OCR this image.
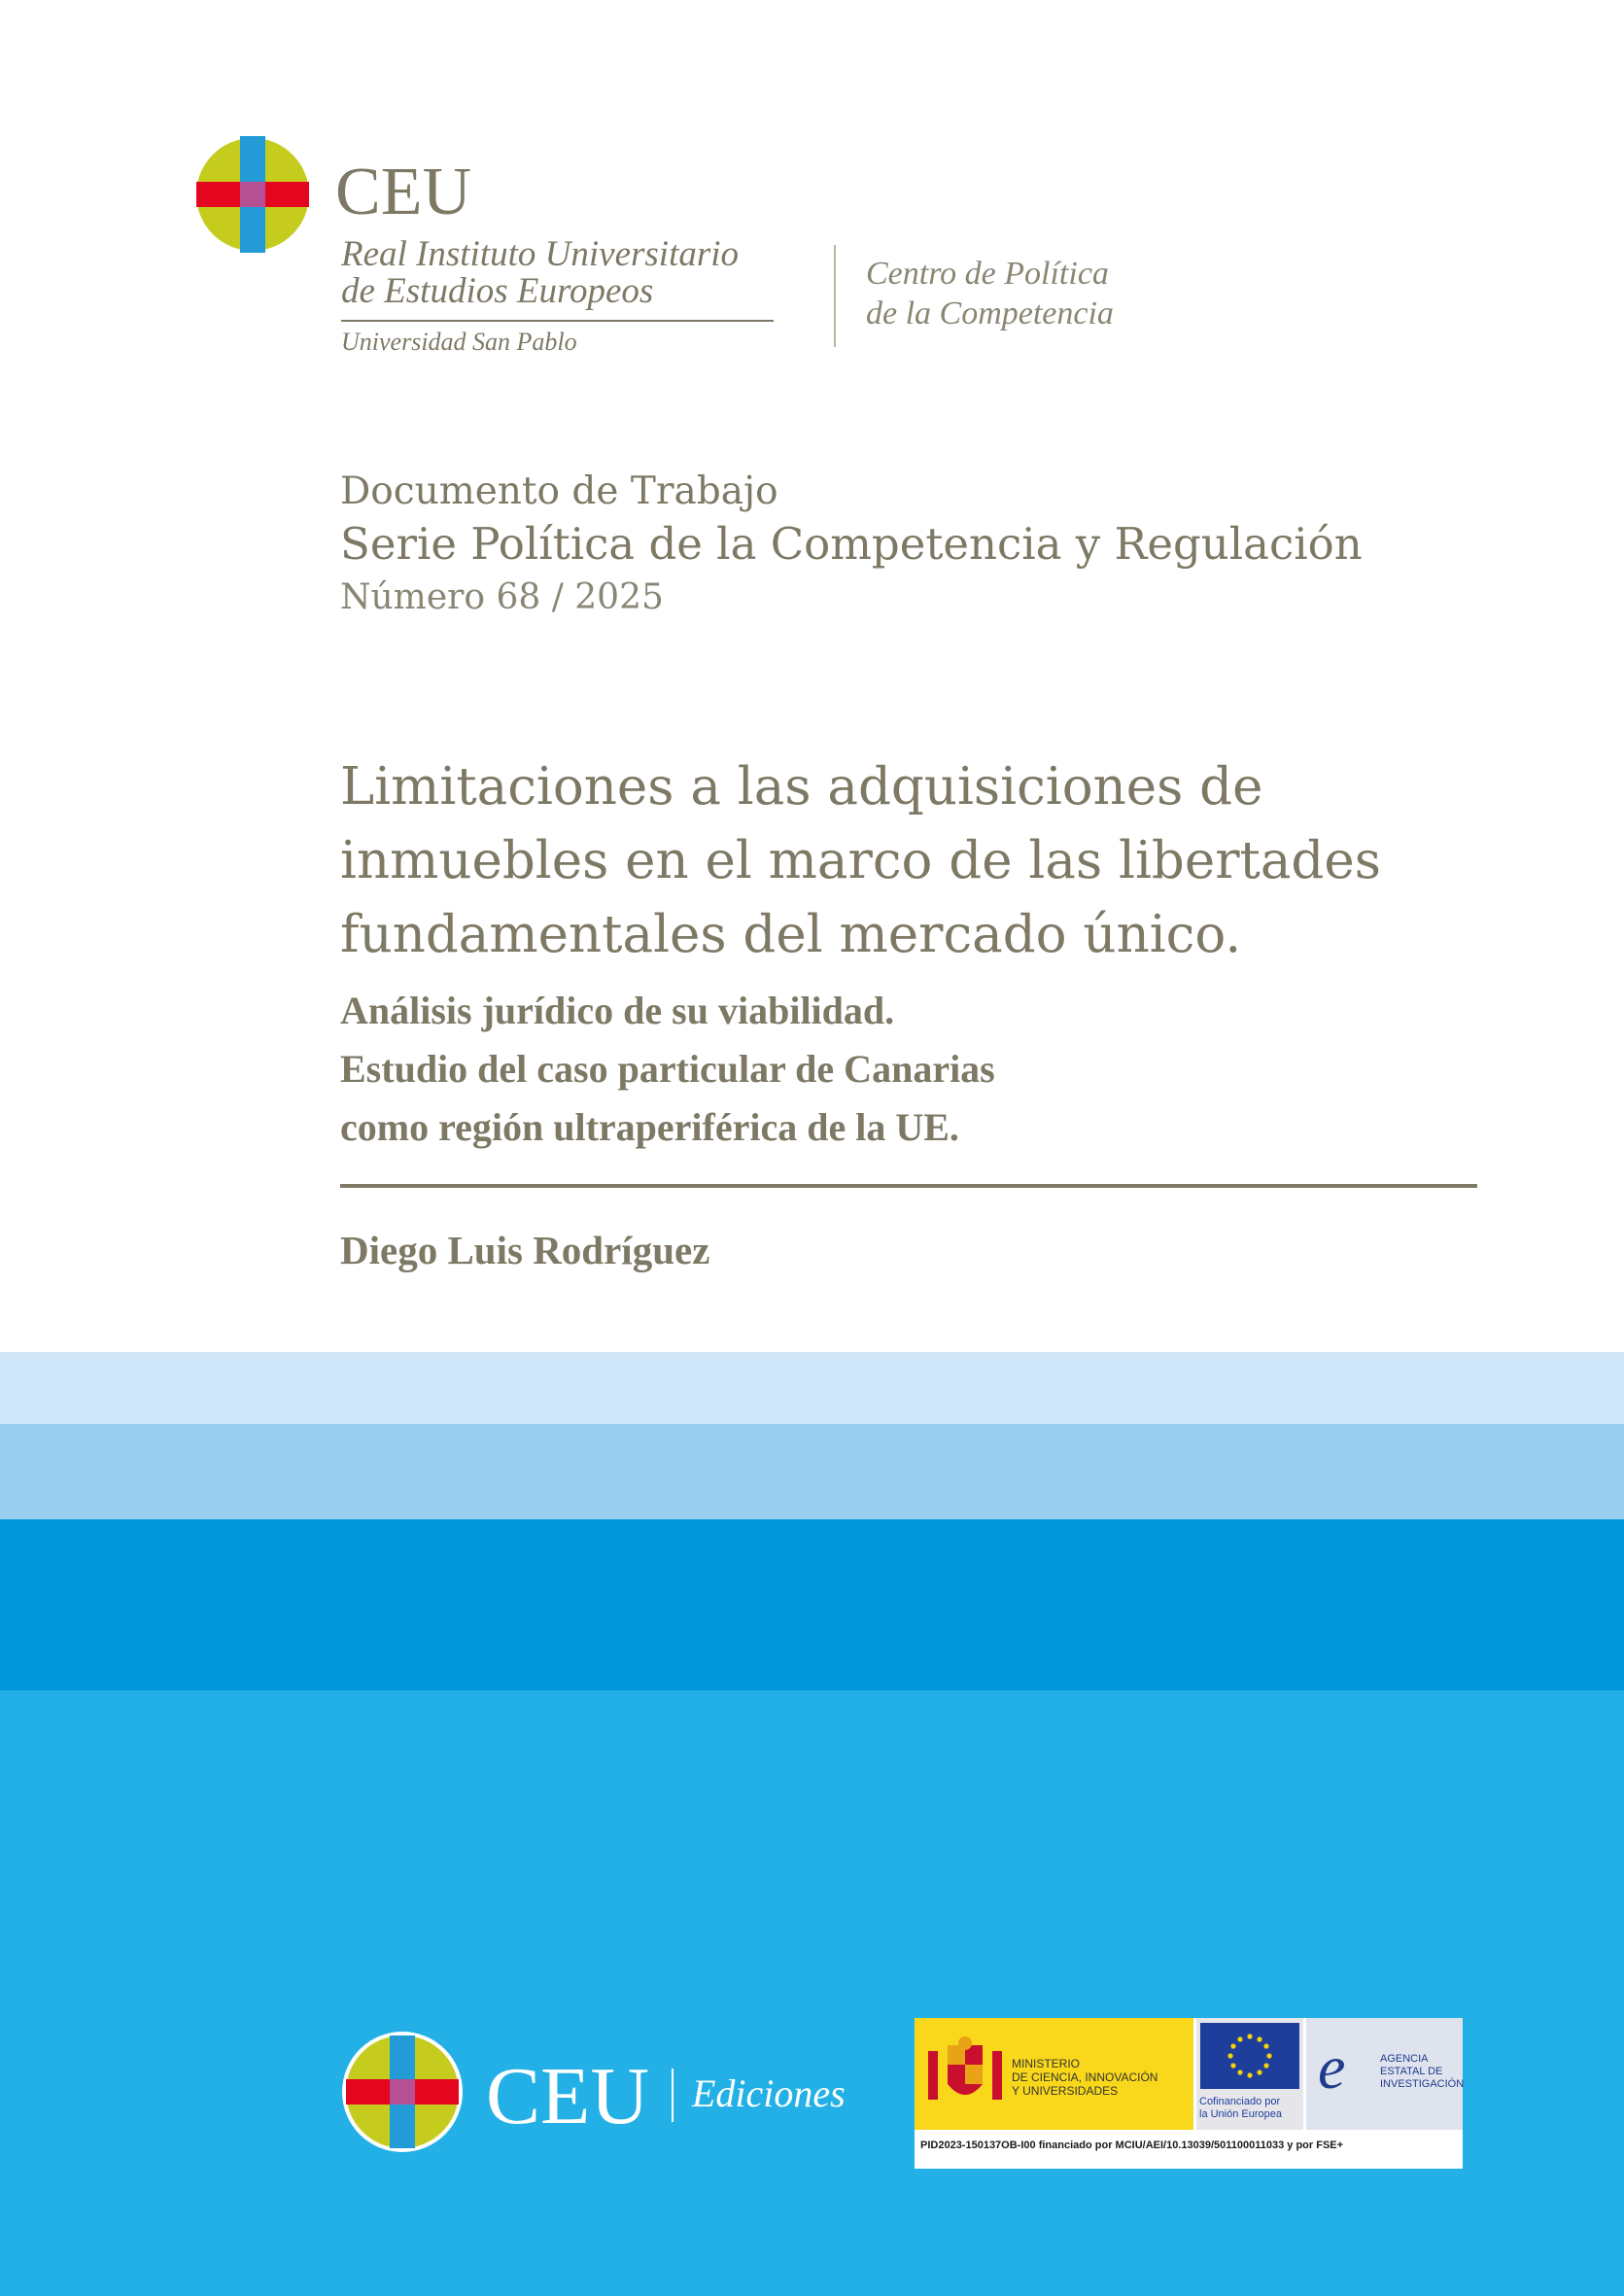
CEU
Real Instituto Universitario
de Estudios Europeos
Universidad San Pablo
Centro de Política
de la Competencia
Documento de Trabajo
Serie Política de la Competencia y Regulación
Número 68 / 2025
Limitaciones a las adquisiciones de
inmuebles en el marco de las libertades
fundamentales del mercado único.
Análisis jurídico de su viabilidad.
Estudio del caso particular de Canarias
como región ultraperiférica de la UE.
Diego Luis Rodríguez
CEU Ediciones
MINISTERIO
DE CIENCIA, INNOVACIÓN
Y UNIVERSIDADES
Cofinanciado por
la Unión Europea
e	AGENCIA
ESTATAL DE
INVESTIGACIÓN
PID2023-150137OB-I00 financiado por MCIU/AEI/10.13039/501100011033 y por FSE+
